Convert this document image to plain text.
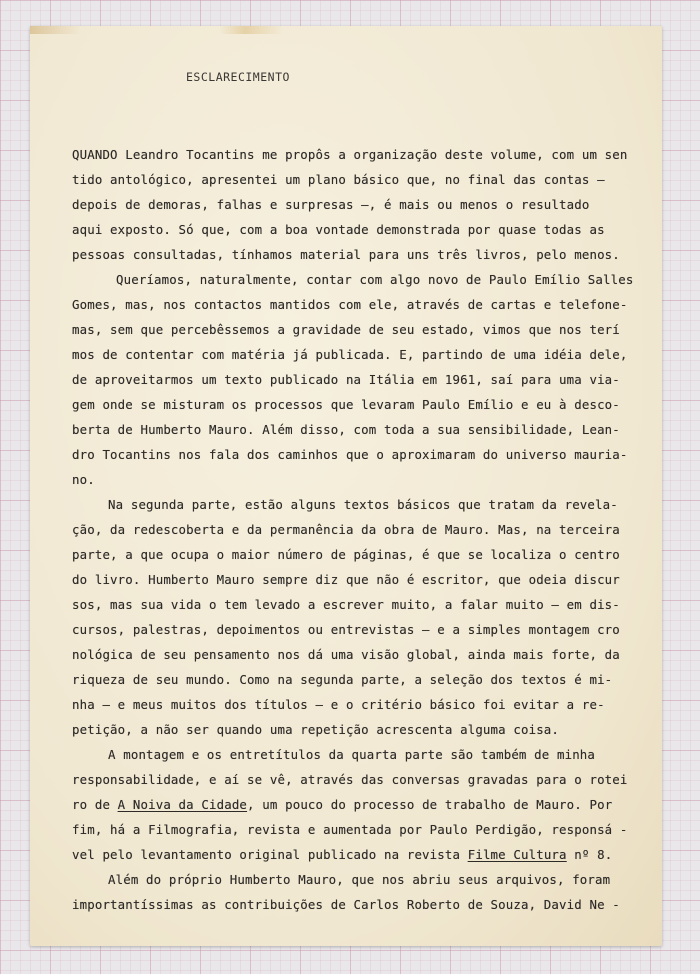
ESCLARECIMENTO
QUANDO Leandro Tocantins me propôs a organização deste volume, com um sen
tido antológico, apresentei um plano básico que, no final das contas —
depois de demoras, falhas e surpresas —, é mais ou menos o resultado
aqui exposto. Só que, com a boa vontade demonstrada por quase todas as
pessoas consultadas, tínhamos material para uns três livros, pelo menos.
Queríamos, naturalmente, contar com algo novo de Paulo Emílio Salles
Gomes, mas, nos contactos mantidos com ele, através de cartas e telefone-
mas, sem que percebêssemos a gravidade de seu estado, vimos que nos terí
mos de contentar com matéria já publicada. E, partindo de uma idéia dele,
de aproveitarmos um texto publicado na Itália em 1961, saí para uma via-
gem onde se misturam os processos que levaram Paulo Emílio e eu à desco-
berta de Humberto Mauro. Além disso, com toda a sua sensibilidade, Lean-
dro Tocantins nos fala dos caminhos que o aproximaram do universo mauria-
no.
Na segunda parte, estão alguns textos básicos que tratam da revela-
ção, da redescoberta e da permanência da obra de Mauro. Mas, na terceira
parte, a que ocupa o maior número de páginas, é que se localiza o centro
do livro. Humberto Mauro sempre diz que não é escritor, que odeia discur
sos, mas sua vida o tem levado a escrever muito, a falar muito — em dis-
cursos, palestras, depoimentos ou entrevistas — e a simples montagem cro
nológica de seu pensamento nos dá uma visão global, ainda mais forte, da
riqueza de seu mundo. Como na segunda parte, a seleção dos textos é mi-
nha — e meus muitos dos títulos — e o critério básico foi evitar a re-
petição, a não ser quando uma repetição acrescenta alguma coisa.
A montagem e os entretítulos da quarta parte são também de minha
responsabilidade, e aí se vê, através das conversas gravadas para o rotei
ro de A Noiva da Cidade, um pouco do processo de trabalho de Mauro. Por
fim, há a Filmografia, revista e aumentada por Paulo Perdigão, responsá -
vel pelo levantamento original publicado na revista Filme Cultura nº 8.
Além do próprio Humberto Mauro, que nos abriu seus arquivos, foram
importantíssimas as contribuições de Carlos Roberto de Souza, David Ne -
